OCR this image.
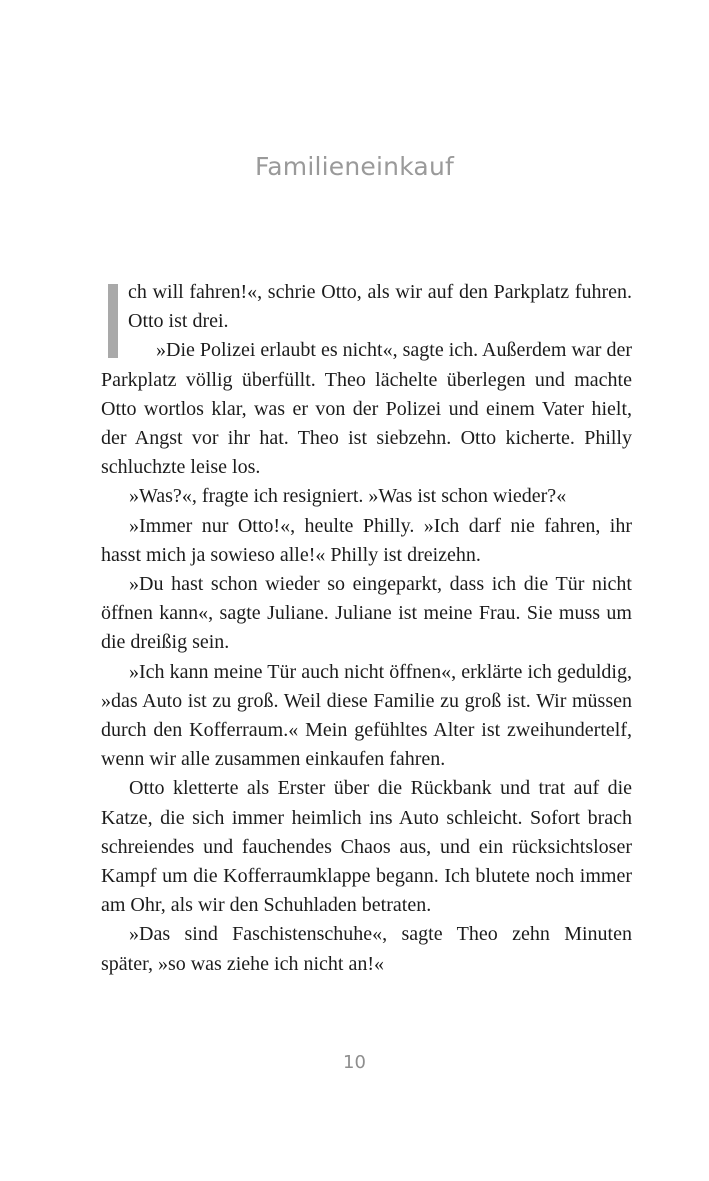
Familieneinkauf

ch will fahren!«, schrie Otto, als wir auf den Parkplatz fuhren. Otto ist drei.

»Die Polizei erlaubt es nicht«, sagte ich. Außerdem war der Parkplatz völlig überfüllt. Theo lächelte überlegen und machte Otto wortlos klar, was er von der Polizei und einem Vater hielt, der Angst vor ihr hat. Theo ist siebzehn. Otto kicherte. Philly schluchzte leise los.

»Was?«, fragte ich resigniert. »Was ist schon wieder?«

»Immer nur Otto!«, heulte Philly. »Ich darf nie fahren, ihr hasst mich ja sowieso alle!« Philly ist dreizehn.

»Du hast schon wieder so eingeparkt, dass ich die Tür nicht öffnen kann«, sagte Juliane. Juliane ist meine Frau. Sie muss um die dreißig sein.

»Ich kann meine Tür auch nicht öffnen«, erklärte ich geduldig, »das Auto ist zu groß. Weil diese Familie zu groß ist. Wir müssen durch den Kofferraum.« Mein gefühltes Alter ist zweihundertelf, wenn wir alle zusammen einkaufen fahren.

Otto kletterte als Erster über die Rückbank und trat auf die Katze, die sich immer heimlich ins Auto schleicht. Sofort brach schreiendes und fauchendes Chaos aus, und ein rücksichtsloser Kampf um die Kofferraumklappe begann. Ich blutete noch immer am Ohr, als wir den Schuhladen betraten.

»Das sind Faschistenschuhe«, sagte Theo zehn Minuten später, »so was ziehe ich nicht an!«

10
